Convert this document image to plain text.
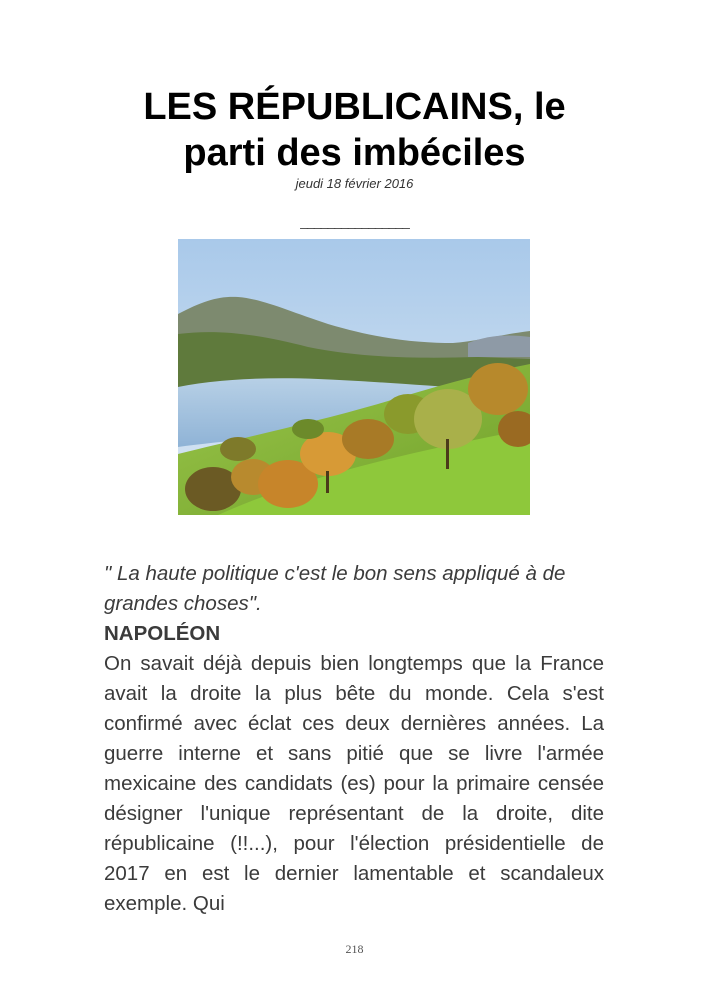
LES RÉPUBLICAINS, le
parti des imbéciles
jeudi 18 février 2016
________________

" La haute politique c'est le bon sens appliqué à de grandes choses".

NAPOLÉON

On savait déjà depuis bien longtemps que la France avait la droite la plus bête du monde. Cela s'est confirmé avec éclat ces deux dernières années. La guerre interne et sans pitié que se livre l'armée mexicaine des candidats (es) pour la primaire censée désigner l'unique représentant de la droite, dite républicaine (!!...), pour l'élection présidentielle de 2017 en est le dernier lamentable et scandaleux exemple. Qui

218
